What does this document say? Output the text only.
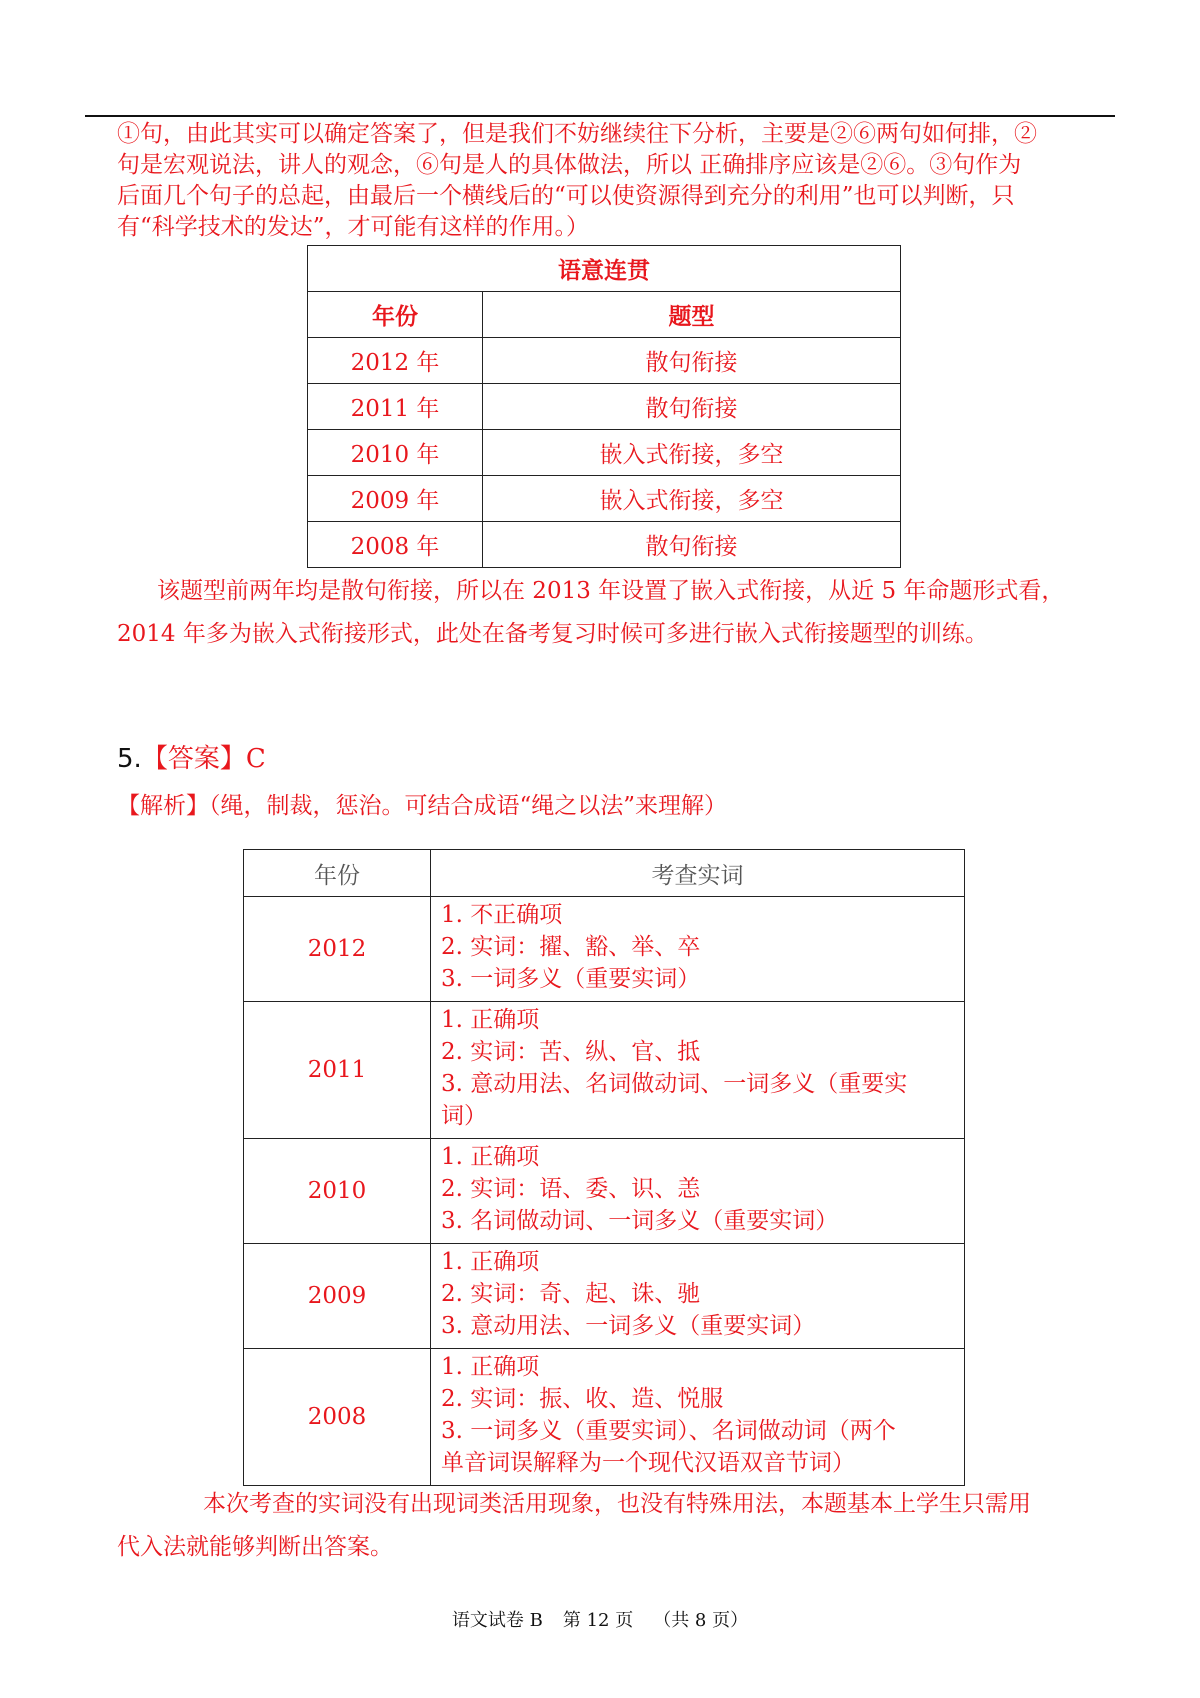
①句，由此其实可以确定答案了，但是我们不妨继续往下分析，主要是②⑥两句如何排，②
句是宏观说法，讲人的观念，⑥句是人的具体做法，所以 正确排序应该是②⑥。③句作为
后面几个句子的总起，由最后一个横线后的“可以使资源得到充分的利用”也可以判断，只
有“科学技术的发达”，才可能有这样的作用。）
语意连贯	
年份	题型
2012 年	散句衔接
2011 年	散句衔接
2010 年	嵌入式衔接，多空
2009 年	嵌入式衔接，多空
2008 年	散句衔接
该题型前两年均是散句衔接，所以在 2013 年设置了嵌入式衔接，从近 5 年命题形式看，
2014 年多为嵌入式衔接形式，此处在备考复习时候可多进行嵌入式衔接题型的训练。
5.【答案】C
【解析】（绳，制裁，惩治。可结合成语“绳之以法”来理解）
年份	考查实词
2012	1. 不正确项
2. 实词：擢、豁、举、卒
3. 一词多义（重要实词）

2011	1. 正确项
2. 实词：苦、纵、官、抵
3. 意动用法、名词做动词、一词多义（重要实
词）

2010	1. 正确项
2. 实词：语、委、识、恙
3. 名词做动词、一词多义（重要实词）

2009	1. 正确项
2. 实词：奇、起、诛、驰
3. 意动用法、一词多义（重要实词）

2008	1. 正确项
2. 实词：振、收、造、悦服
3. 一词多义（重要实词）、名词做动词（两个
单音词误解释为一个现代汉语双音节词）
本次考查的实词没有出现词类活用现象，也没有特殊用法，本题基本上学生只需用
代入法就能够判断出答案。
语文试卷 B 第 12 页 （共 8 页）
